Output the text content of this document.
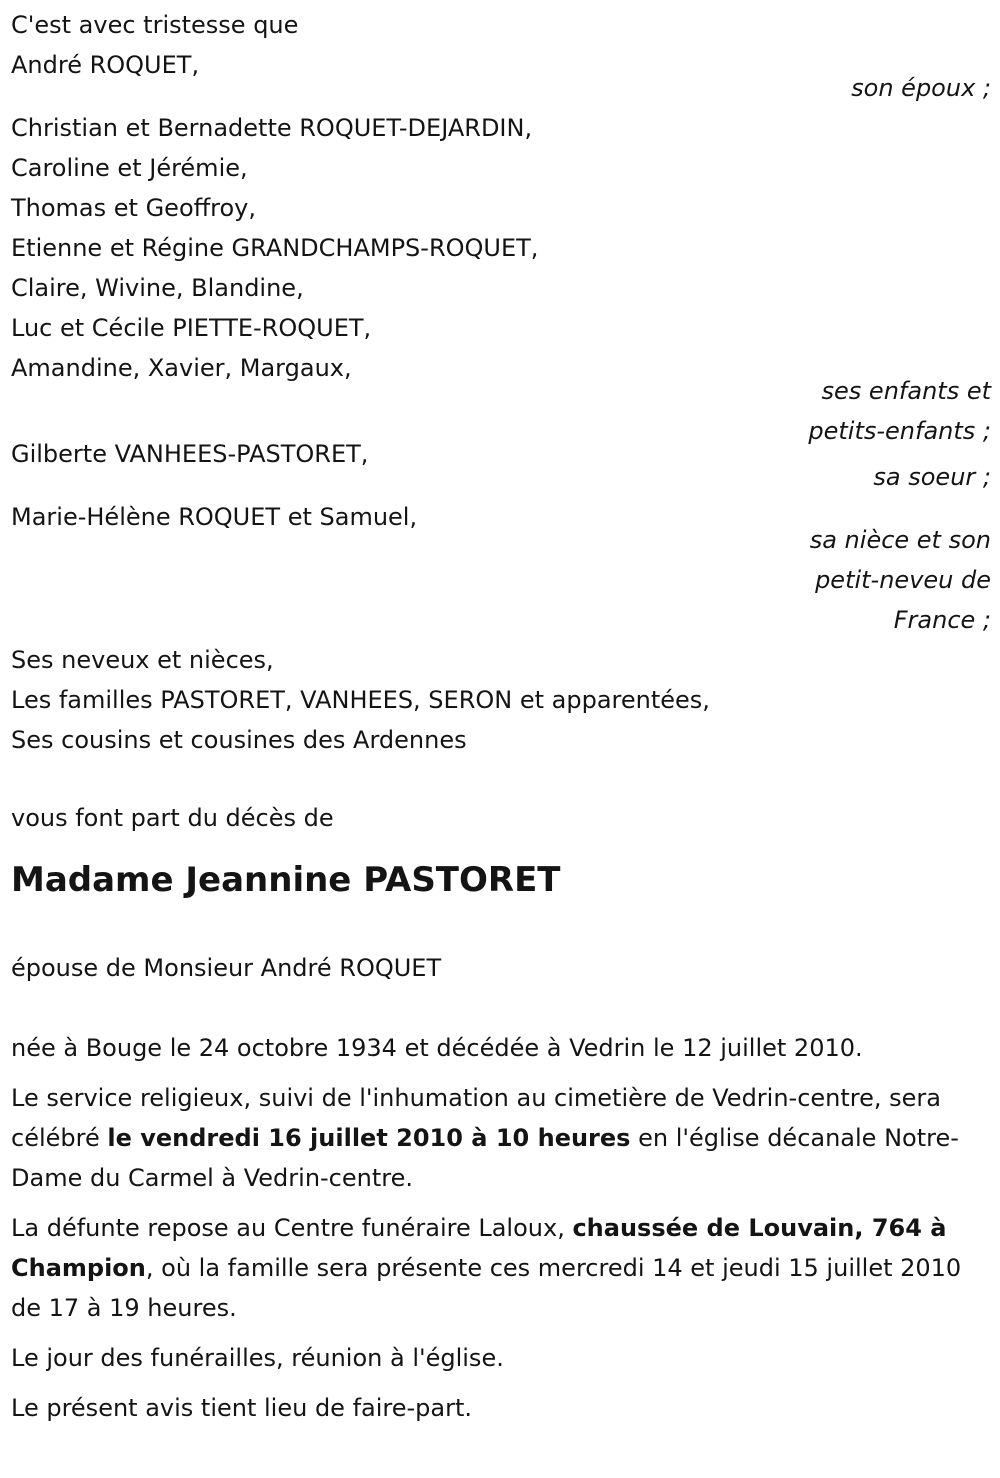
C'est avec tristesse que
André ROQUET,
son époux ;
Christian et Bernadette ROQUET-DEJARDIN,
Caroline et Jérémie,
Thomas et Geoffroy,
Etienne et Régine GRANDCHAMPS-ROQUET,
Claire, Wivine, Blandine,
Luc et Cécile PIETTE-ROQUET,
Amandine, Xavier, Margaux,
ses enfants et
petits-enfants ;
Gilberte VANHEES-PASTORET,
sa soeur ;
Marie-Hélène ROQUET et Samuel,
sa nièce et son
petit-neveu de
France ;
Ses neveux et nièces,
Les familles PASTORET, VANHEES, SERON et apparentées,
Ses cousins et cousines des Ardennes
vous font part du décès de
Madame Jeannine PASTORET
épouse de Monsieur André ROQUET
née à Bouge le 24 octobre 1934 et décédée à Vedrin le 12 juillet 2010.
Le service religieux, suivi de l'inhumation au cimetière de Vedrin-centre, sera célébré le vendredi 16 juillet 2010 à 10 heures en l'église décanale Notre-Dame du Carmel à Vedrin-centre.
La défunte repose au Centre funéraire Laloux, chaussée de Louvain, 764 à Champion, où la famille sera présente ces mercredi 14 et jeudi 15 juillet 2010 de 17 à 19 heures.
Le jour des funérailles, réunion à l'église.
Le présent avis tient lieu de faire-part.
